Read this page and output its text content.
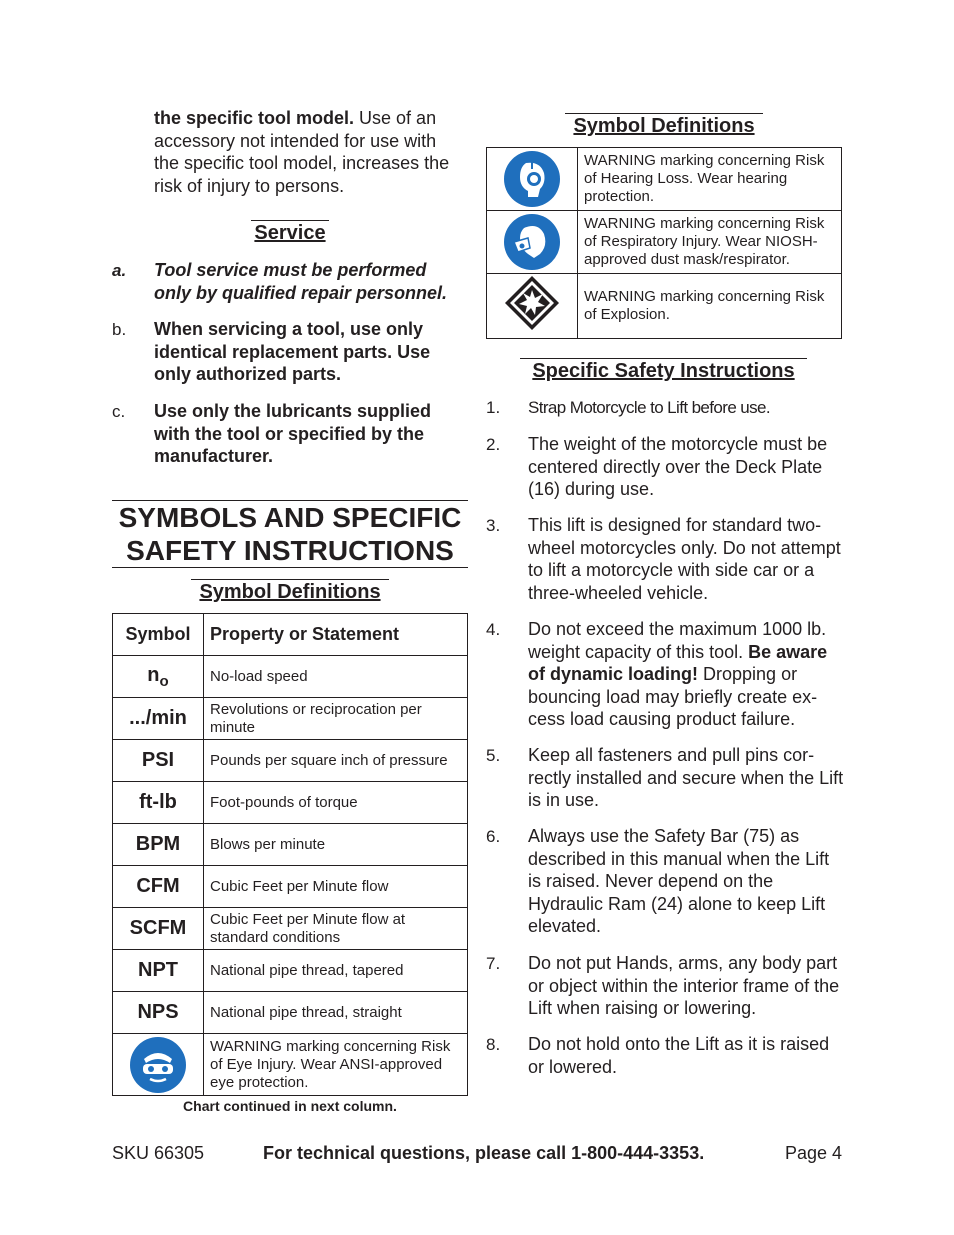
the specific tool model. Use of an accessory not intended for use with the specific tool model, increases the risk of injury to persons.
Service
a. Tool service must be performed only by qualified repair personnel.
b. When servicing a tool, use only identical replacement parts. Use only authorized parts.
c. Use only the lubricants supplied with the tool or specified by the manufacturer.
SYMBOLS AND SPECIFIC
SAFETY INSTRUCTIONS
Symbol Definitions
Symbol	Property or Statement
$n_o$	No-load speed
.../min	Revolutions or reciprocation per minute
PSI	Pounds per square inch of pressure
ft-lb	Foot-pounds of torque
BPM	Blows per minute
CFM	Cubic Feet per Minute flow
SCFM	Cubic Feet per Minute flow at standard conditions
NPT	National pipe thread, tapered
NPS	National pipe thread, straight

	WARNING marking concerning Risk of Eye Injury. Wear ANSI-approved eye protection.
Chart continued in next column.
Symbol Definitions
	WARNING marking concerning Risk of Hearing Loss. Wear hearing protection.

	WARNING marking concerning Risk of Respiratory Injury. Wear NIOSH-approved dust mask/respirator.
	WARNING marking concerning Risk of Explosion.
Specific Safety Instructions
1. Strap Motorcycle to Lift before use.
2. The weight of the motorcycle must be centered directly over the Deck Plate (16) during use.
3. This lift is designed for standard two-wheel motorcycles only. Do not attempt to lift a motorcycle with side car or a three-wheeled vehicle.
4. Do not exceed the maximum 1000 lb. weight capacity of this tool. Be aware of dynamic loading! Dropping or bouncing load may briefly create ex-cess load causing product failure.
5. Keep all fasteners and pull pins cor-rectly installed and secure when the Lift is in use.
6. Always use the Safety Bar (75) as described in this manual when the Lift is raised. Never depend on the Hydraulic Ram (24) alone to keep Lift elevated.
7. Do not put Hands, arms, any body part or object within the interior frame of the Lift when raising or lowering.
8. Do not hold onto the Lift as it is raised or lowered.
SKU 66305	For technical questions, please call 1-800-444-3353.	Page 4
